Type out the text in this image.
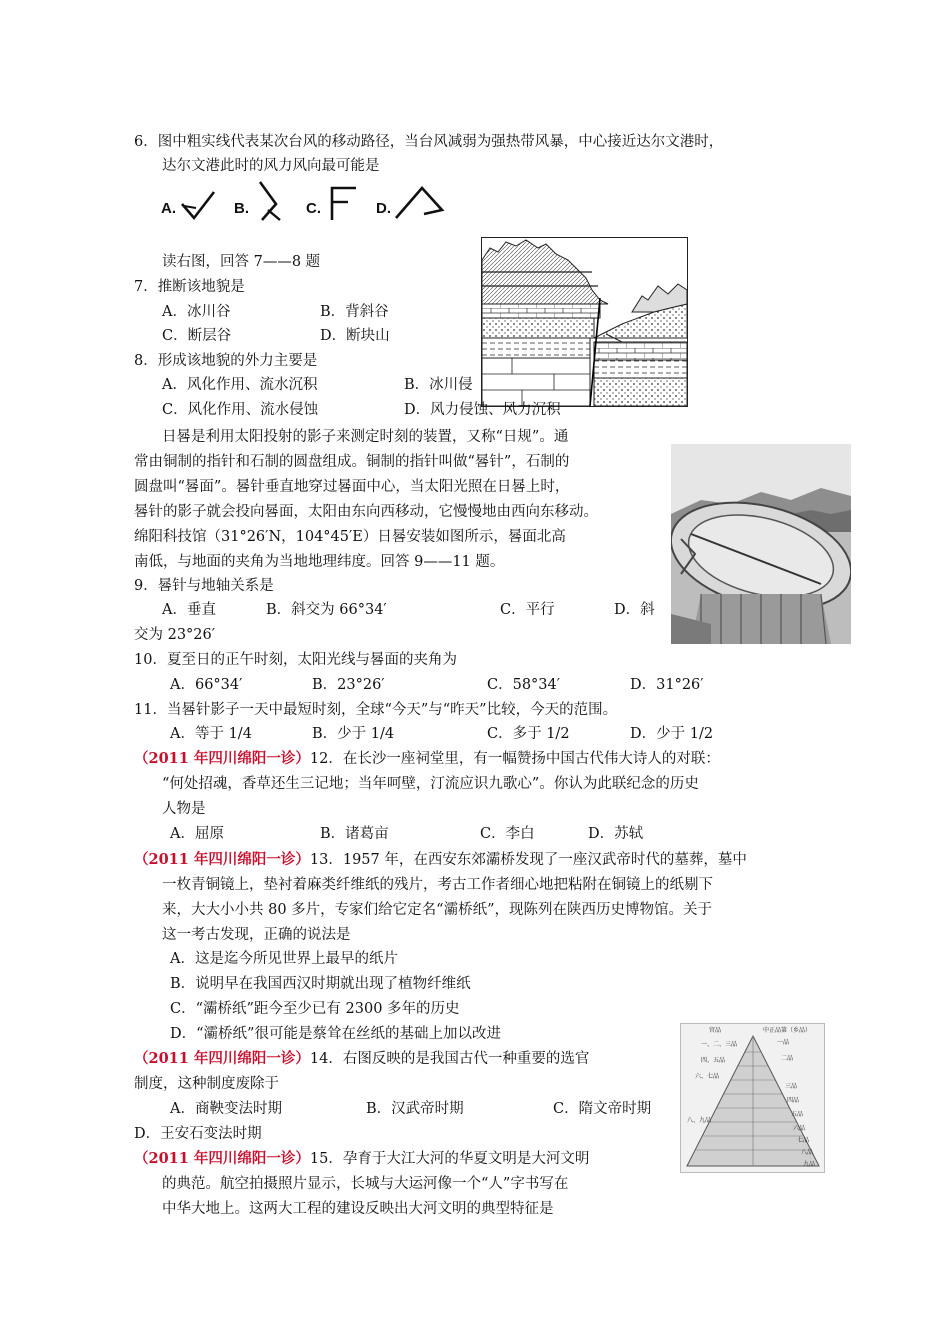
6．图中粗实线代表某次台风的移动路径，当台风减弱为强热带风暴，中心接近达尔文港时，
达尔文港此时的风力风向最可能是
A.	B.	C.	D.
读右图，回答 7——8 题
7．推断该地貌是
A．冰川谷	B．背斜谷
C．断层谷	D．断块山
8．形成该地貌的外力主要是
A．风化作用、流水沉积	B．冰川侵
C．风化作用、流水侵蚀	D．风力侵蚀、风力沉积
日晷是利用太阳投射的影子来测定时刻的装置，又称“日规”。通
常由铜制的指针和石制的圆盘组成。铜制的指针叫做“晷针”，石制的
圆盘叫“晷面”。晷针垂直地穿过晷面中心，当太阳光照在日晷上时，
晷针的影子就会投向晷面，太阳由东向西移动，它慢慢地由西向东移动。
绵阳科技馆（31°26′N，104°45′E）日晷安装如图所示，晷面北高
南低，与地面的夹角为当地地理纬度。回答 9——11 题。
9．晷针与地轴关系是
A．垂直	B．斜交为 66°34′	C．平行	D．斜
交为 23°26′
10．夏至日的正午时刻，太阳光线与晷面的夹角为
A．66°34′	B．23°26′	C．58°34′	D．31°26′
11．当晷针影子一天中最短时刻，全球“今天”与“昨天”比较，今天的范围。
A．等于 1/4	B．少于 1/4	C．多于 1/2	D．少于 1/2
（2011 年四川绵阳一诊）12．在长沙一座祠堂里，有一幅赞扬中国古代伟大诗人的对联：
“何处招魂，香草还生三记地；当年呵壁，汀流应识九歌心”。你认为此联纪念的历史
人物是
A．屈原	B．诸葛亩	C．李白	D．苏轼
（2011 年四川绵阳一诊）13．1957 年，在西安东郊灞桥发现了一座汉武帝时代的墓葬，墓中
一枚青铜镜上，垫衬着麻类纤维纸的残片，考古工作者细心地把粘附在铜镜上的纸剔下
来，大大小小共 80 多片，专家们给它定名“灞桥纸”，现陈列在陕西历史博物馆。关于
这一考古发现，正确的说法是
A．这是迄今所见世界上最早的纸片
B．说明早在我国西汉时期就出现了植物纤维纸
C．“灞桥纸”距今至少已有 2300 多年的历史
D．“灞桥纸”很可能是蔡耸在丝纸的基础上加以改进	官品	中正品第（乡品）
一、二、三品
四、五品
六、七品
八、九品
一品
二品
三品
四品
五品
六品
七品
八品
九品
（2011 年四川绵阳一诊）14．右图反映的是我国古代一种重要的选官
制度，这种制度废除于
A．商鞅变法时期	B．汉武帝时期	C．隋文帝时期
D．王安石变法时期
（2011 年四川绵阳一诊）15．孕育于大江大河的华夏文明是大河文明
的典范。航空拍摄照片显示，长城与大运河像一个“人”字书写在
中华大地上。这两大工程的建设反映出大河文明的典型特征是
